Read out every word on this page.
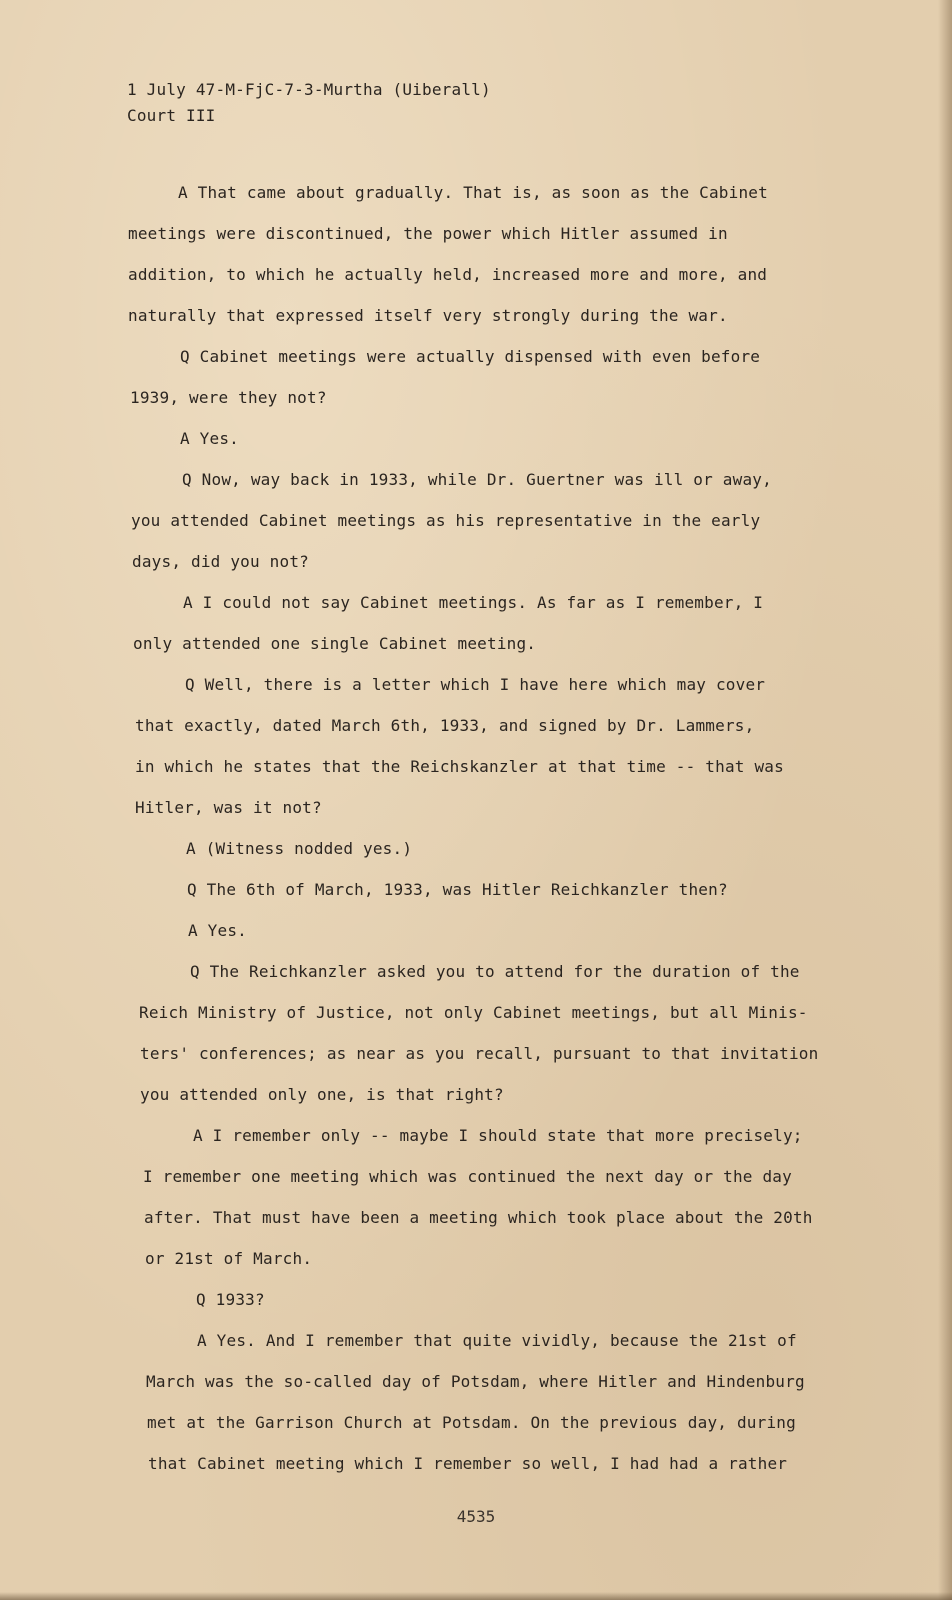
1 July 47-M-FjC-7-3-Murtha (Uiberall)
Court III
A That came about gradually. That is, as soon as the Cabinet
meetings were discontinued, the power which Hitler assumed in
addition, to which he actually held, increased more and more, and
naturally that expressed itself very strongly during the war.
Q Cabinet meetings were actually dispensed with even before
1939, were they not?
A Yes.
Q Now, way back in 1933, while Dr. Guertner was ill or away,
you attended Cabinet meetings as his representative in the early
days, did you not?
A I could not say Cabinet meetings. As far as I remember, I
only attended one single Cabinet meeting.
Q Well, there is a letter which I have here which may cover
that exactly, dated March 6th, 1933, and signed by Dr. Lammers,
in which he states that the Reichskanzler at that time -- that was
Hitler, was it not?
A (Witness nodded yes.)
Q The 6th of March, 1933, was Hitler Reichkanzler then?
A Yes.
Q The Reichkanzler asked you to attend for the duration of the
Reich Ministry of Justice, not only Cabinet meetings, but all Minis-
ters' conferences; as near as you recall, pursuant to that invitation
you attended only one, is that right?
A I remember only -- maybe I should state that more precisely;
I remember one meeting which was continued the next day or the day
after. That must have been a meeting which took place about the 20th
or 21st of March.
Q 1933?
A Yes. And I remember that quite vividly, because the 21st of
March was the so-called day of Potsdam, where Hitler and Hindenburg
met at the Garrison Church at Potsdam. On the previous day, during
that Cabinet meeting which I remember so well, I had had a rather
4535
